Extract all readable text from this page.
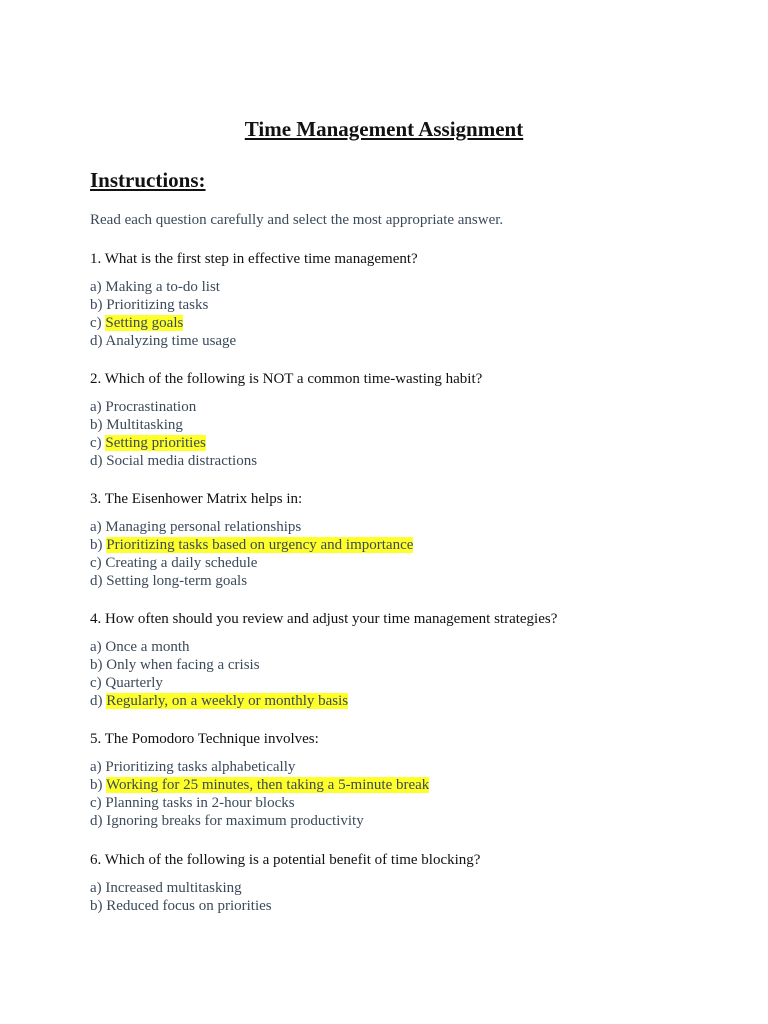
Time Management Assignment
Instructions:
Read each question carefully and select the most appropriate answer.
1. What is the first step in effective time management?
a) Making a to-do list
b) Prioritizing tasks
c) Setting goals
d) Analyzing time usage
2. Which of the following is NOT a common time-wasting habit?
a) Procrastination
b) Multitasking
c) Setting priorities
d) Social media distractions
3. The Eisenhower Matrix helps in:
a) Managing personal relationships
b) Prioritizing tasks based on urgency and importance
c) Creating a daily schedule
d) Setting long-term goals
4. How often should you review and adjust your time management strategies?
a) Once a month
b) Only when facing a crisis
c) Quarterly
d) Regularly, on a weekly or monthly basis
5. The Pomodoro Technique involves:
a) Prioritizing tasks alphabetically
b) Working for 25 minutes, then taking a 5-minute break
c) Planning tasks in 2-hour blocks
d) Ignoring breaks for maximum productivity
6. Which of the following is a potential benefit of time blocking?
a) Increased multitasking
b) Reduced focus on priorities
